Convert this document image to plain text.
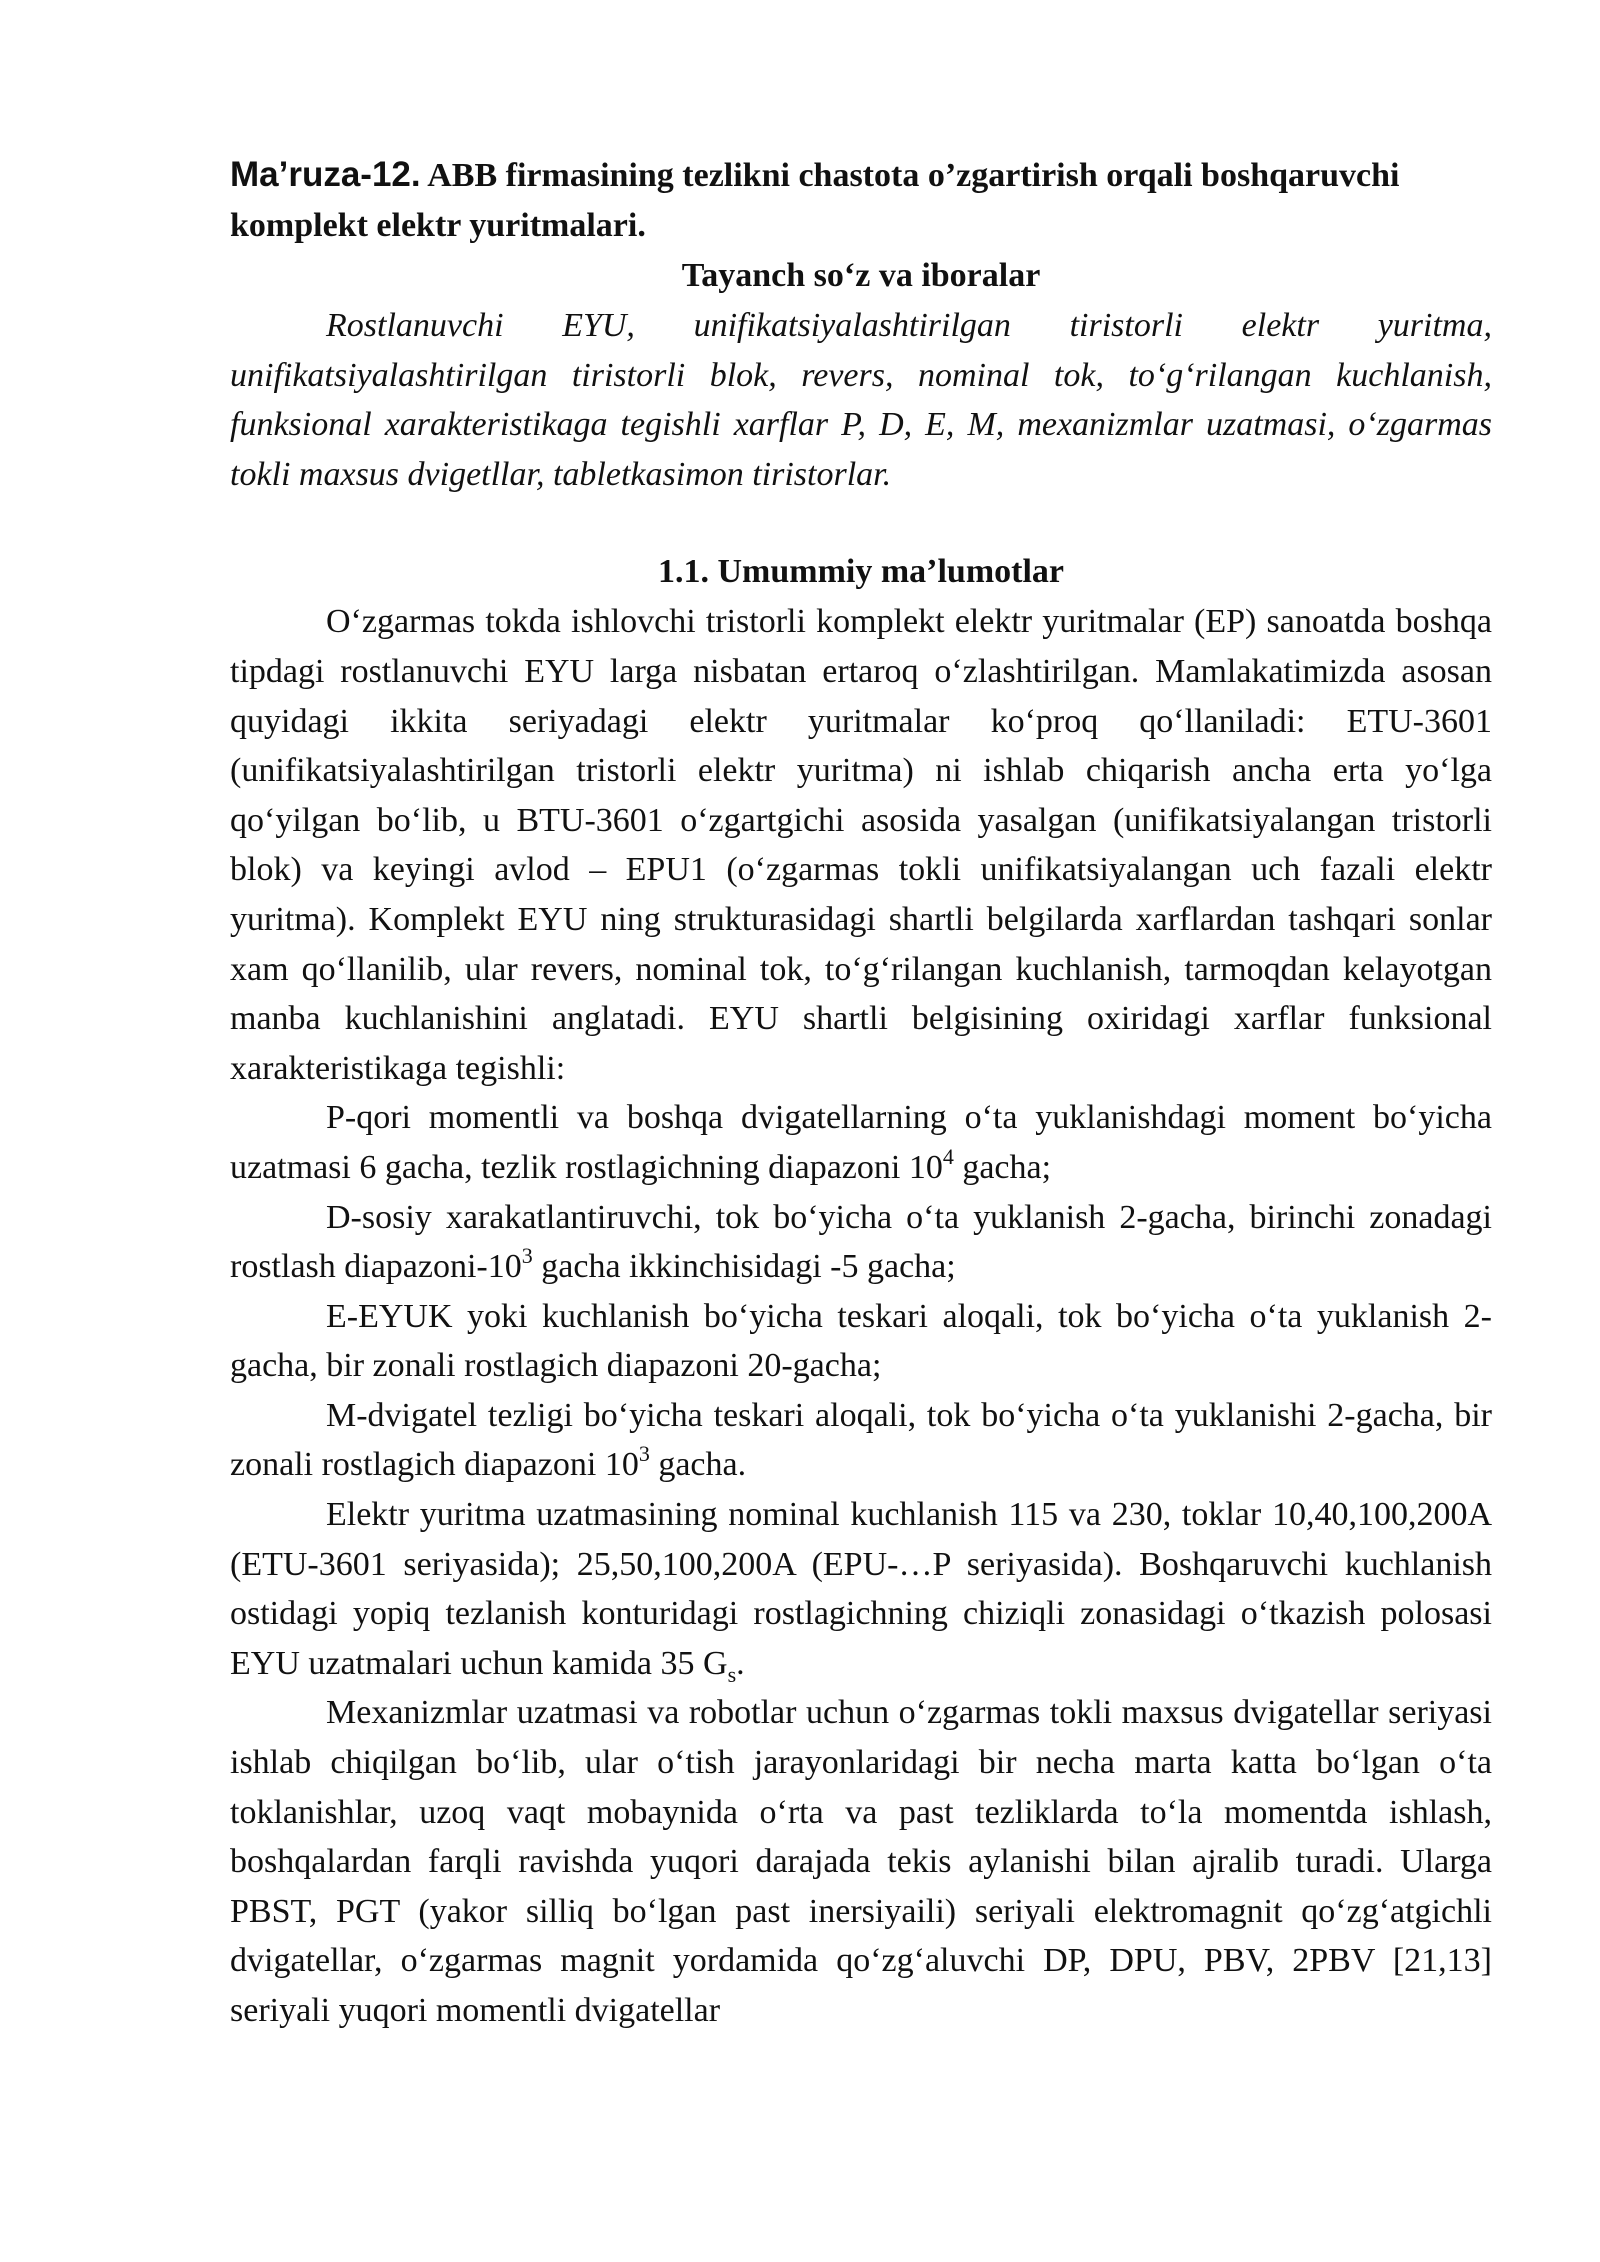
Ma’ruza-12. ABB firmasining tezlikni chastota o’zgartirish orqali boshqaruvchi komplekt elektr yuritmalari.
Tayanch so‘z va iboralar

Rostlanuvchi EYU, unifikatsiyalashtirilgan tiristorli elektr yuritma, unifikatsiyalashtirilgan tiristorli blok, revers, nominal tok, to‘g‘rilangan kuchlanish, funksional xarakteristikaga tegishli xarflar P, D, E, M, mexanizmlar uzatmasi, o‘zgarmas tokli maxsus dvigetllar, tabletkasimon tiristorlar.

1.1. Umummiy ma’lumotlar

O‘zgarmas tokda ishlovchi tristorli komplekt elektr yuritmalar (EP) sanoatda boshqa tipdagi rostlanuvchi EYU larga nisbatan ertaroq o‘zlashtirilgan. Mamlakatimizda asosan quyidagi ikkita seriyadagi elektr yuritmalar ko‘proq qo‘llaniladi: ETU-3601 (unifikatsiyalashtirilgan tristorli elektr yuritma) ni ishlab chiqarish ancha erta yo‘lga qo‘yilgan bo‘lib, u BTU-3601 o‘zgartgichi asosida yasalgan (unifikatsiyalangan tristorli blok) va keyingi avlod – EPU1 (o‘zgarmas tokli unifikatsiyalangan uch fazali elektr yuritma). Komplekt EYU ning strukturasidagi shartli belgilarda xarflardan tashqari sonlar xam qo‘llanilib, ular revers, nominal tok, to‘g‘rilangan kuchlanish, tarmoqdan kelayotgan manba kuchlanishini anglatadi. EYU shartli belgisining oxiridagi xarflar funksional xarakteristikaga tegishli:

P-qori momentli va boshqa dvigatellarning o‘ta yuklanishdagi moment bo‘yicha uzatmasi 6 gacha, tezlik rostlagichning diapazoni $10^4$ gacha;

D-sosiy xarakatlantiruvchi, tok bo‘yicha o‘ta yuklanish 2-gacha, birinchi zonadagi rostlash diapazoni-$10^3$ gacha ikkinchisidagi -5 gacha;

E-EYUK yoki kuchlanish bo‘yicha teskari aloqali, tok bo‘yicha o‘ta yuklanish 2-gacha, bir zonali rostlagich diapazoni 20-gacha;

M-dvigatel tezligi bo‘yicha teskari aloqali, tok bo‘yicha o‘ta yuklanishi 2-gacha, bir zonali rostlagich diapazoni $10^3$ gacha.

Elektr yuritma uzatmasining nominal kuchlanish 115 va 230, toklar 10,40,100,200A (ETU-3601 seriyasida); 25,50,100,200A (EPU-…P seriyasida). Boshqaruvchi kuchlanish ostidagi yopiq tezlanish konturidagi rostlagichning chiziqli zonasidagi o‘tkazish polosasi EYU uzatmalari uchun kamida 35 $G_s$.

Mexanizmlar uzatmasi va robotlar uchun o‘zgarmas tokli maxsus dvigatellar seriyasi ishlab chiqilgan bo‘lib, ular o‘tish jarayonlaridagi bir necha marta katta bo‘lgan o‘ta toklanishlar, uzoq vaqt mobaynida o‘rta va past tezliklarda to‘la momentda ishlash, boshqalardan farqli ravishda yuqori darajada tekis aylanishi bilan ajralib turadi. Ularga PBST, PGT (yakor silliq bo‘lgan past inersiyaili) seriyali elektromagnit qo‘zg‘atgichli dvigatellar, o‘zgarmas magnit yordamida qo‘zg‘aluvchi DP, DPU, PBV, 2PBV [21,13] seriyali yuqori momentli dvigatellar
